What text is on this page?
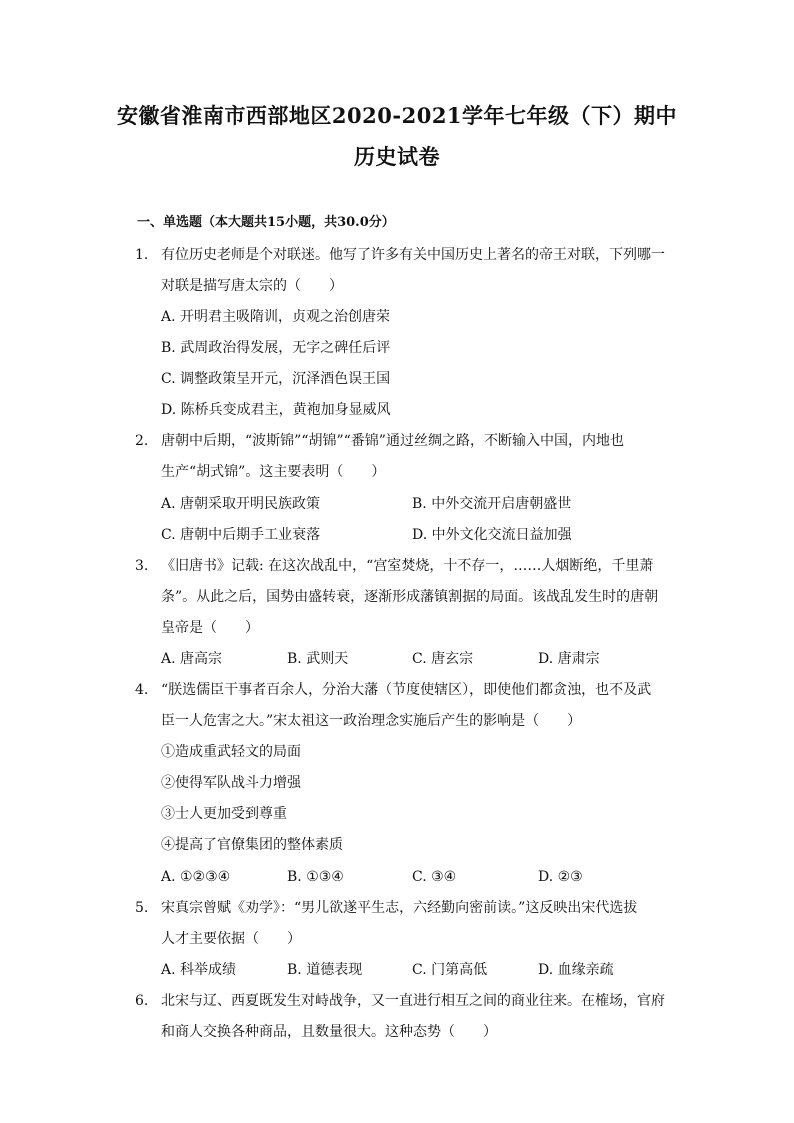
安徽省淮南市西部地区2020-2021学年七年级（下）期中
历史试卷
一、单选题（本大题共15小题，共30.0分）
1. 有位历史老师是个对联迷。他写了许多有关中国历史上著名的帝王对联，下列哪一
对联是描写唐太宗的（　　）
A. 开明君主吸隋训，贞观之治创唐荣
B. 武周政治得发展，无字之碑任后评
C. 调整政策呈开元，沉泽酒色误王国
D. 陈桥兵变成君主，黄袍加身显威风
2. 唐朝中后期，“波斯锦”“胡锦”“番锦”通过丝绸之路，不断输入中国，内地也
生产“胡式锦”。这主要表明（　　）
A. 唐朝采取开明民族政策	B. 中外交流开启唐朝盛世
C. 唐朝中后期手工业衰落	D. 中外文化交流日益加强
3. 《旧唐书》记载: 在这次战乱中，“宫室焚烧，十不存一，……人烟断绝，千里萧
条”。从此之后，国势由盛转衰，逐渐形成藩镇割据的局面。该战乱发生时的唐朝
皇帝是（　　）
A. 唐高宗	B. 武则天	C. 唐玄宗	D. 唐肃宗
4. “朕选儒臣干事者百余人，分治大藩（节度使辖区），即使他们都贪浊，也不及武
臣一人危害之大。”宋太祖这一政治理念实施后产生的影响是（　　）
①造成重武轻文的局面
②使得军队战斗力增强
③士人更加受到尊重
④提高了官僚集团的整体素质
A. ①②③④	B. ①③④	C. ③④	D. ②③
5. 宋真宗曾赋《劝学》：“男儿欲遂平生志，六经勤向密前读。”这反映出宋代选拔
人才主要依据（　　）
A. 科举成绩	B. 道德表现	C. 门第高低	D. 血缘亲疏
6. 北宋与辽、西夏既发生对峙战争，又一直进行相互之间的商业往来。在榷场，官府
和商人交换各种商品，且数量很大。这种态势（　　）
